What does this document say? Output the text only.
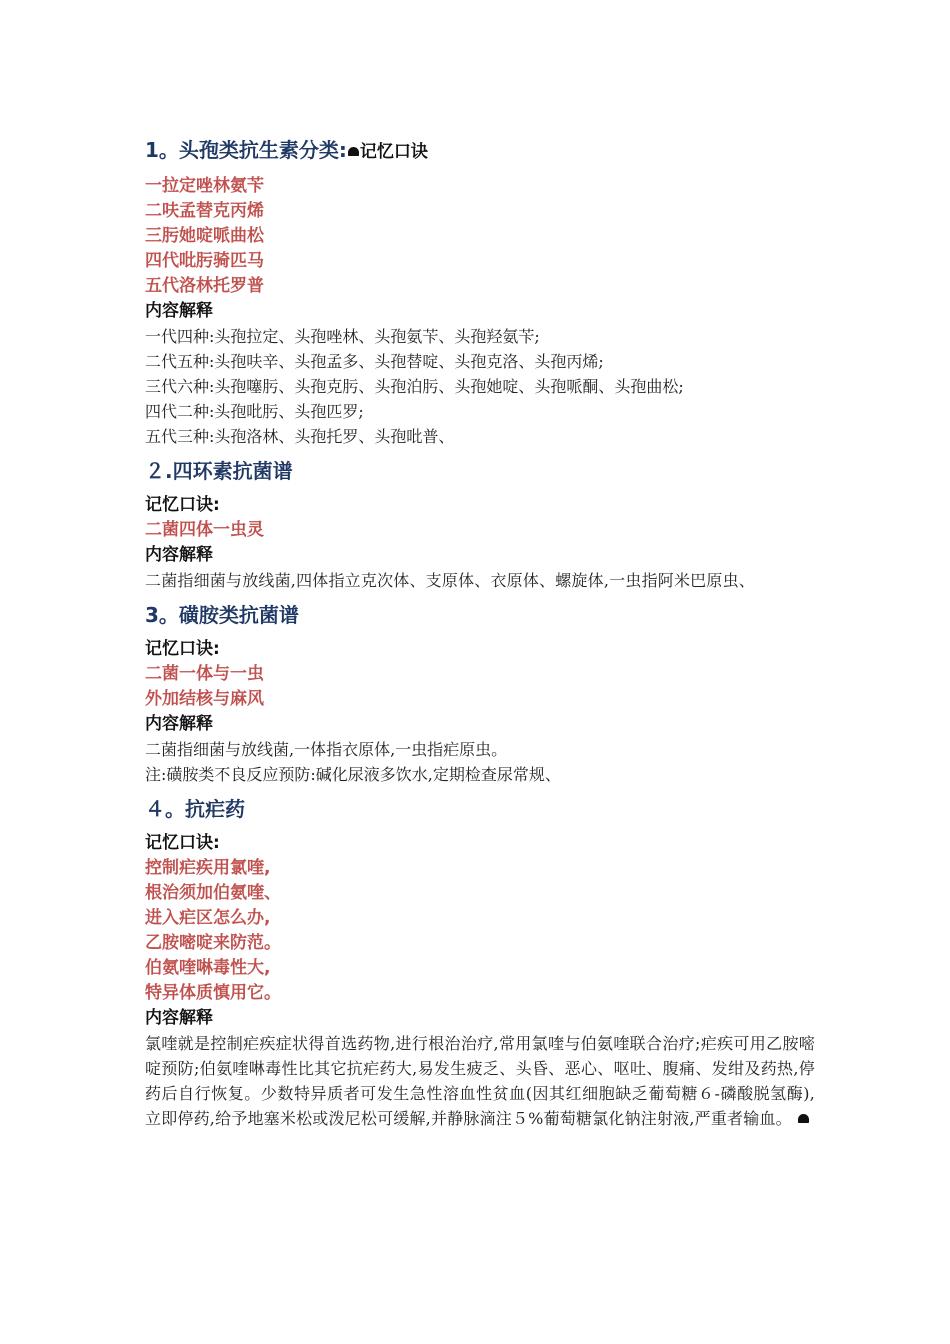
1。头孢类抗生素分类: 记忆口诀
一拉定唑林氨苄
二呋孟替克丙烯
三肟她啶哌曲松
四代吡肟骑匹马
五代洛林托罗普
内容解释
一代四种:头孢拉定、头孢唑林、头孢氨苄、头孢羟氨苄;
二代五种:头孢呋辛、头孢孟多、头孢替啶、头孢克洛、头孢丙烯;
三代六种:头孢噻肟、头孢克肟、头孢泊肟、头孢她啶、头孢哌酮、头孢曲松;
四代二种:头孢吡肟、头孢匹罗;
五代三种:头孢洛林、头孢托罗、头孢吡普、
２.四环素抗菌谱
记忆口诀:
二菌四体一虫灵
内容解释
二菌指细菌与放线菌,四体指立克次体、支原体、衣原体、螺旋体,一虫指阿米巴原虫、
3。磺胺类抗菌谱
记忆口诀:
二菌一体与一虫
外加结核与麻风
内容解释
二菌指细菌与放线菌,一体指衣原体,一虫指疟原虫。
注:磺胺类不良反应预防:碱化尿液多饮水,定期检查尿常规、
４。抗疟药
记忆口诀:
控制疟疾用氯喹,
根治须加伯氨喹、
进入疟区怎么办,
乙胺嘧啶来防范。
伯氨喹啉毒性大,
特异体质慎用它。
内容解释
氯喹就是控制疟疾症状得首选药物,进行根治治疗,常用氯喹与伯氨喹联合治疗;疟疾可用乙胺嘧啶预防;伯氨喹啉毒性比其它抗疟药大,易发生疲乏、头昏、恶心、呕吐、腹痛、发绀及药热,停药后自行恢复。少数特异质者可发生急性溶血性贫血(因其红细胞缺乏葡萄糖６-磷酸脱氢酶),立即停药,给予地塞米松或泼尼松可缓解,并静脉滴注５%葡萄糖氯化钠注射液,严重者输血。
